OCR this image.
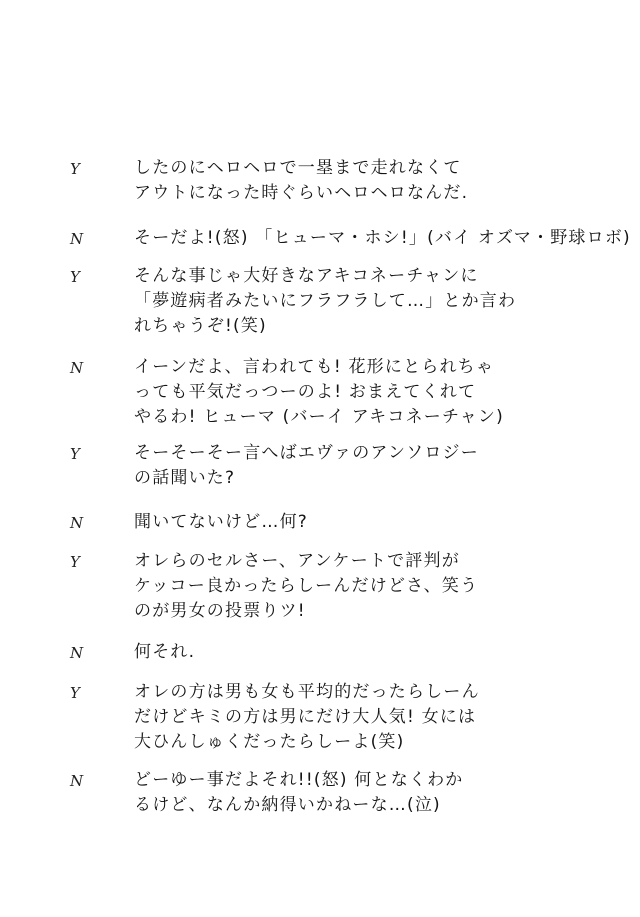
Y	したのにヘロヘロで一塁まで走れなくて
アウトになった時ぐらいヘロヘロなんだ.
N	そーだよ!(怒) 「ヒューマ・ホシ!」(バイ オズマ・野球ロボ)
Y	そんな事じゃ大好きなアキコネーチャンに
「夢遊病者みたいにフラフラして…」とか言わ
れちゃうぞ!(笑)
N	イーンだよ、言われても! 花形にとられちゃ
っても平気だっつーのよ! おまえてくれて
やるわ! ヒューマ (バーイ アキコネーチャン)
Y	そーそーそー言へばエヴァのアンソロジー
の話聞いた?
N	聞いてないけど…何?
Y	オレらのセルさー、アンケートで評判が
ケッコー良かったらしーんだけどさ、笑う
のが男女の投票りツ!
N	何それ.
Y	オレの方は男も女も平均的だったらしーん
だけどキミの方は男にだけ大人気! 女には
大ひんしゅくだったらしーよ(笑)
N	どーゆー事だよそれ!!(怒) 何となくわか
るけど、なんか納得いかねーな…(泣)
